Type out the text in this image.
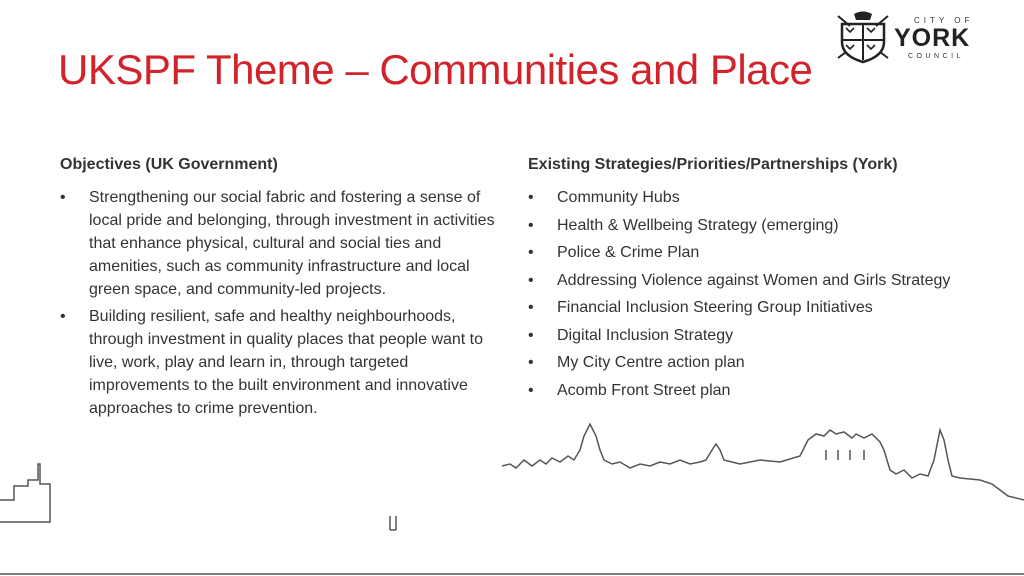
UKSPF Theme – Communities and Place
CITY OF
YORK
COUNCIL
Objectives (UK Government)
• Strengthening our social fabric and fostering a sense of local pride and belonging, through investment in activities that enhance physical, cultural and social ties and amenities, such as community infrastructure and local green space, and community-led projects.
• Building resilient, safe and healthy neighbourhoods, through investment in quality places that people want to live, work, play and learn in, through targeted improvements to the built environment and innovative approaches to crime prevention.
Existing Strategies/Priorities/Partnerships (York)
• Community Hubs
• Health & Wellbeing Strategy (emerging)
• Police & Crime Plan
• Addressing Violence against Women and Girls Strategy
• Financial Inclusion Steering Group Initiatives
• Digital Inclusion Strategy
• My City Centre action plan
• Acomb Front Street plan
